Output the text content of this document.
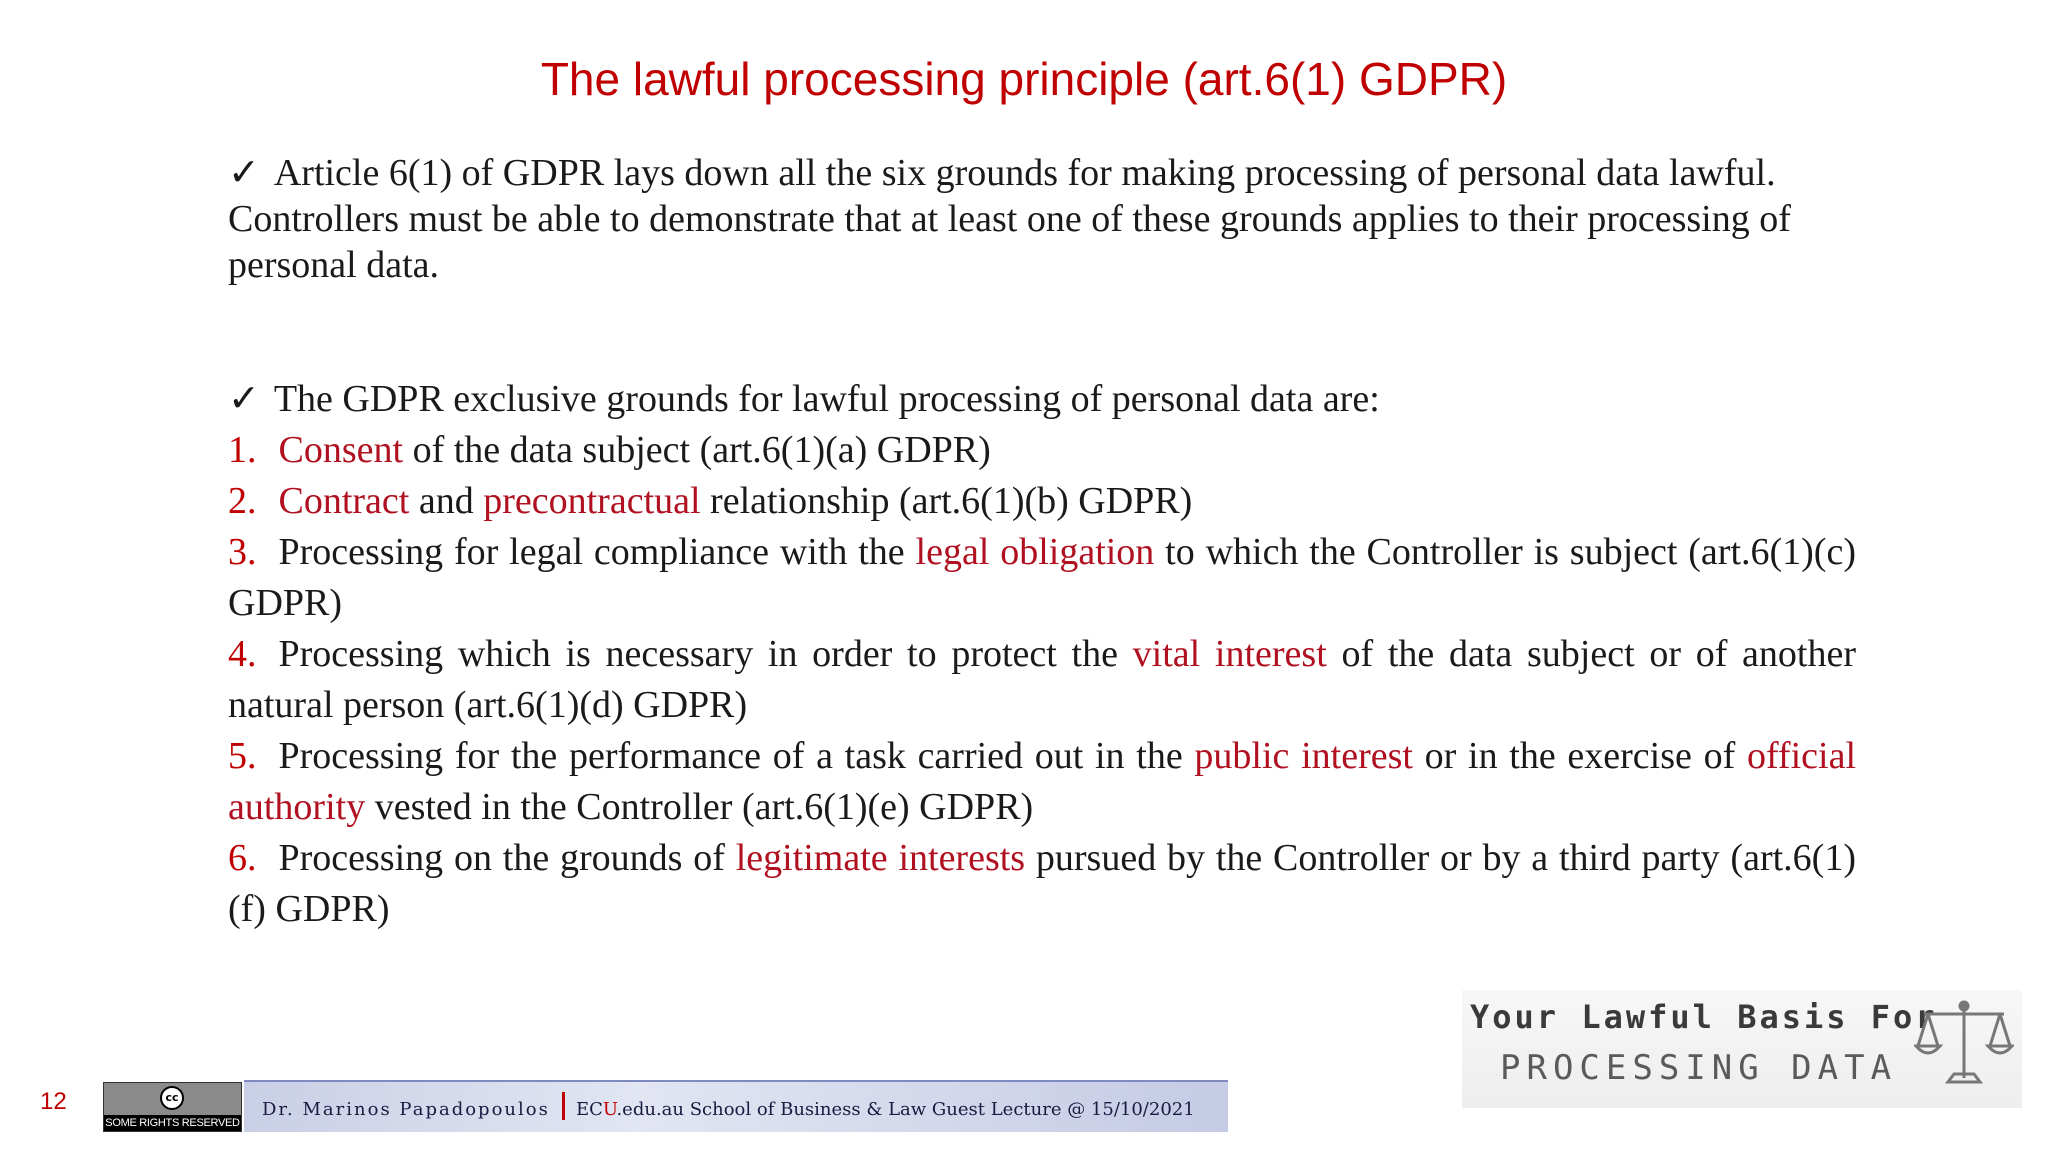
The lawful processing principle (art.6(1) GDPR)
✓ Article 6(1) of GDPR lays down all the six grounds for making processing of personal data lawful. Controllers must be able to demonstrate that at least one of these grounds applies to their processing of personal data.
✓ The GDPR exclusive grounds for lawful processing of personal data are:
1. Consent of the data subject (art.6(1)(a) GDPR)
2. Contract and precontractual relationship (art.6(1)(b) GDPR)
3. Processing for legal compliance with the legal obligation to which the Controller is subject (art.6(1)(c) GDPR)
4. Processing which is necessary in order to protect the vital interest of the data subject or of another natural person (art.6(1)(d) GDPR)
5. Processing for the performance of a task carried out in the public interest or in the exercise of official authority vested in the Controller (art.6(1)(e) GDPR)
6. Processing on the grounds of legitimate interests pursued by the Controller or by a third party (art.6(1)(f) GDPR)
Your Lawful Basis For
PROCESSING DATA
12	cc
SOME RIGHTS RESERVED
Dr. Marinos Papadopoulos ECU.edu.au School of Business & Law Guest Lecture @ 15/10/2021
